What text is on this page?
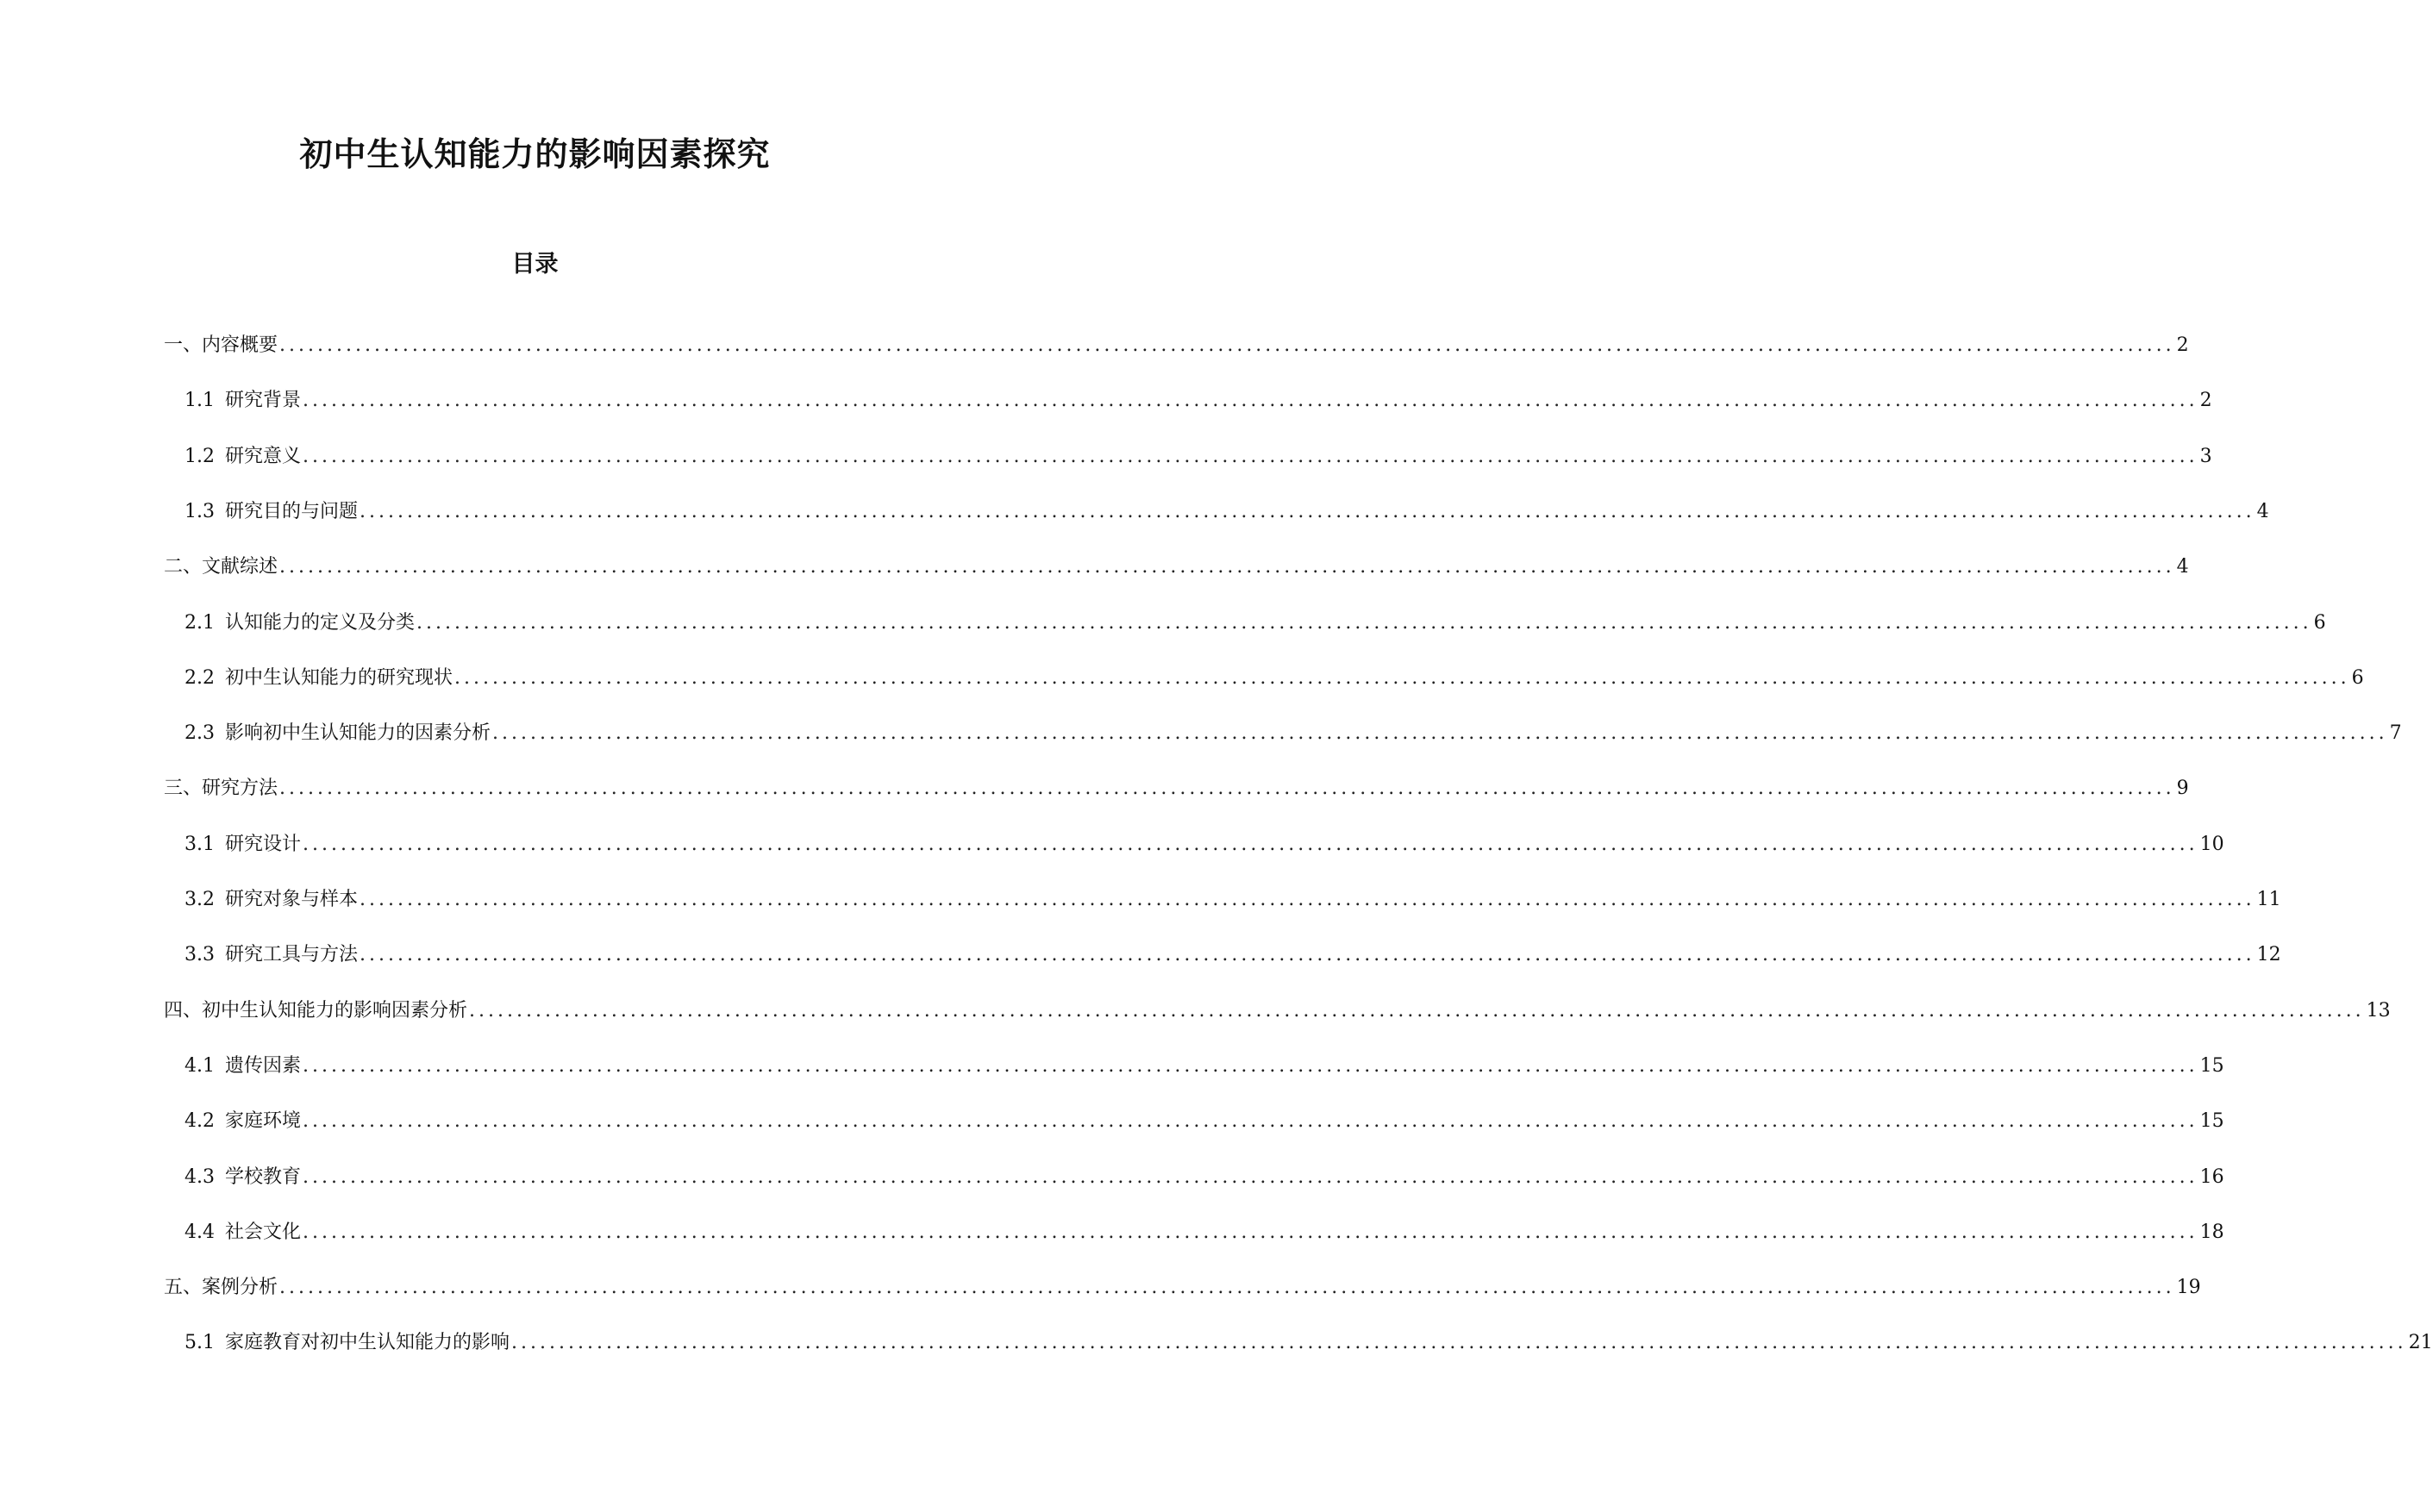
初中生认知能力的影响因素探究
目录
一、内容概要 ........................................................................................................................................................................................................ 2
1.1 研究背景 ........................................................................................................................................................................................................ 2
1.2 研究意义 ........................................................................................................................................................................................................ 3
1.3 研究目的与问题 ........................................................................................................................................................................................................ 4
二、文献综述 ........................................................................................................................................................................................................ 4
2.1 认知能力的定义及分类 ........................................................................................................................................................................................................ 6
2.2 初中生认知能力的研究现状 ........................................................................................................................................................................................................ 6
2.3 影响初中生认知能力的因素分析 ........................................................................................................................................................................................................ 7
三、研究方法 ........................................................................................................................................................................................................ 9
3.1 研究设计 ........................................................................................................................................................................................................ 10
3.2 研究对象与样本 ........................................................................................................................................................................................................ 11
3.3 研究工具与方法 ........................................................................................................................................................................................................ 12
四、初中生认知能力的影响因素分析 ........................................................................................................................................................................................................ 13
4.1 遗传因素 ........................................................................................................................................................................................................ 15
4.2 家庭环境 ........................................................................................................................................................................................................ 15
4.3 学校教育 ........................................................................................................................................................................................................ 16
4.4 社会文化 ........................................................................................................................................................................................................ 18
五、案例分析 ........................................................................................................................................................................................................ 19
5.1 家庭教育对初中生认知能力的影响 ........................................................................................................................................................................................................ 21
